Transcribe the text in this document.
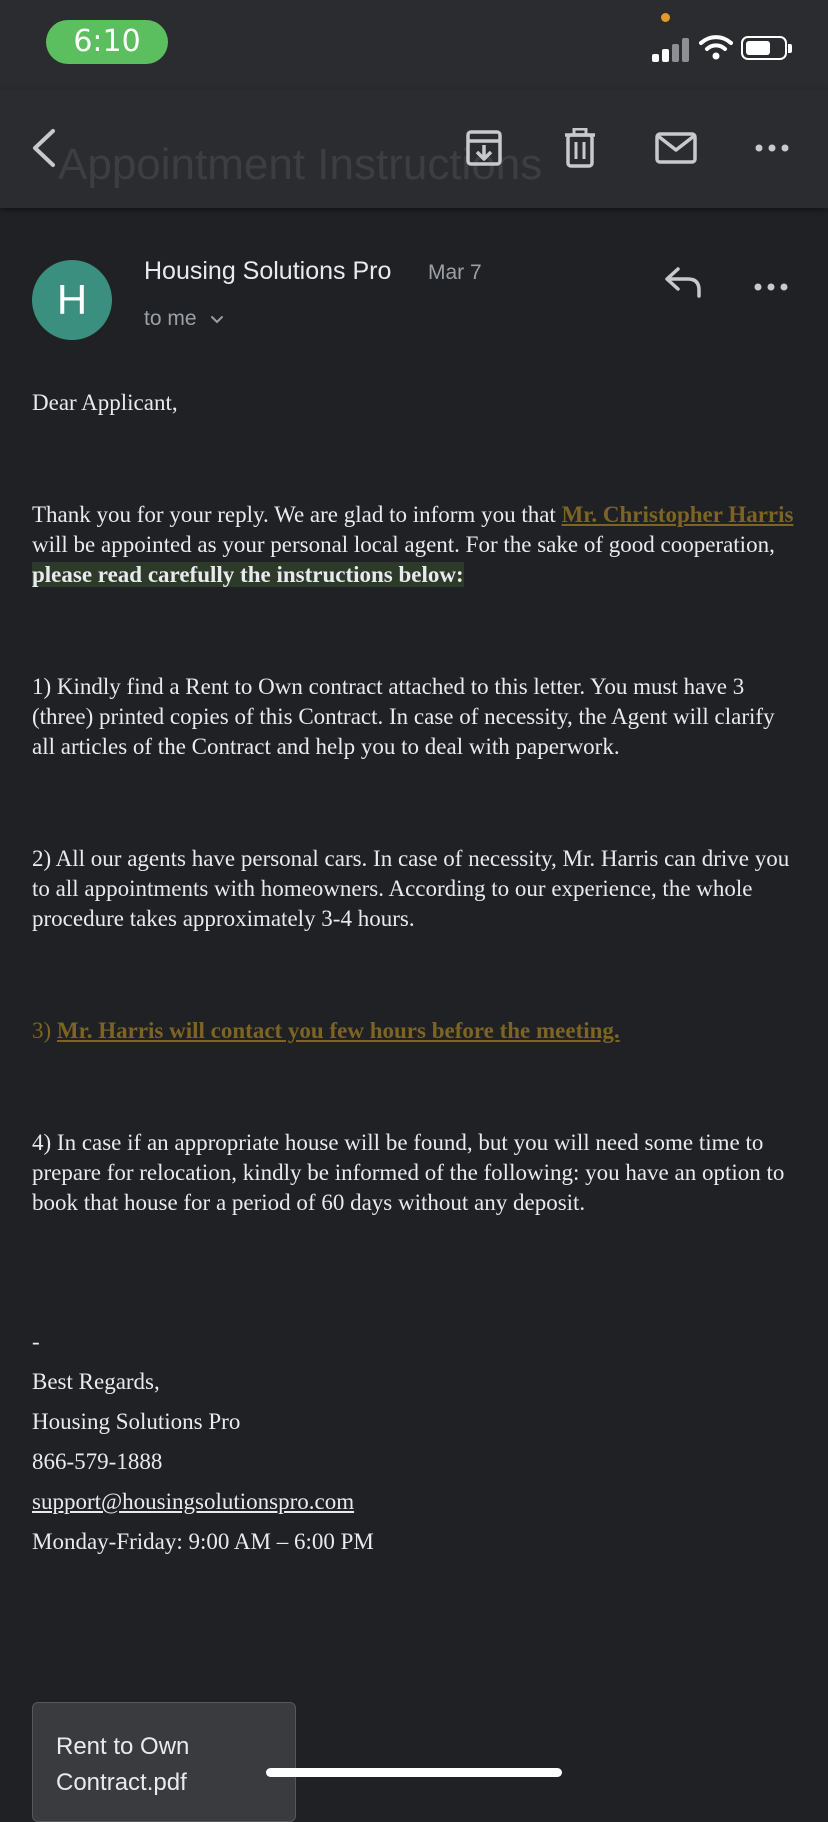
6:10
Appointment Instructions
H
Housing Solutions Pro Mar 7
to me

Dear Applicant,

Thank you for your reply. We are glad to inform you that Mr. Christopher Harris will be appointed as your personal local agent. For the sake of good cooperation, please read carefully the instructions below:

1) Kindly find a Rent to Own contract attached to this letter. You must have 3 (three) printed copies of this Contract. In case of necessity, the Agent will clarify all articles of the Contract and help you to deal with paperwork.

2) All our agents have personal cars. In case of necessity, Mr. Harris can drive you to all appointments with homeowners. According to our experience, the whole procedure takes approximately 3-4 hours.

3) Mr. Harris will contact you few hours before the meeting.

4) In case if an appropriate house will be found, but you will need some time to prepare for relocation, kindly be informed of the following: you have an option to book that house for a period of 60 days without any deposit.

-

Best Regards,

Housing Solutions Pro

866-579-1888

support@housingsolutionspro.com

Monday-Friday: 9:00 AM – 6:00 PM

Rent to Own Contract.pdf
